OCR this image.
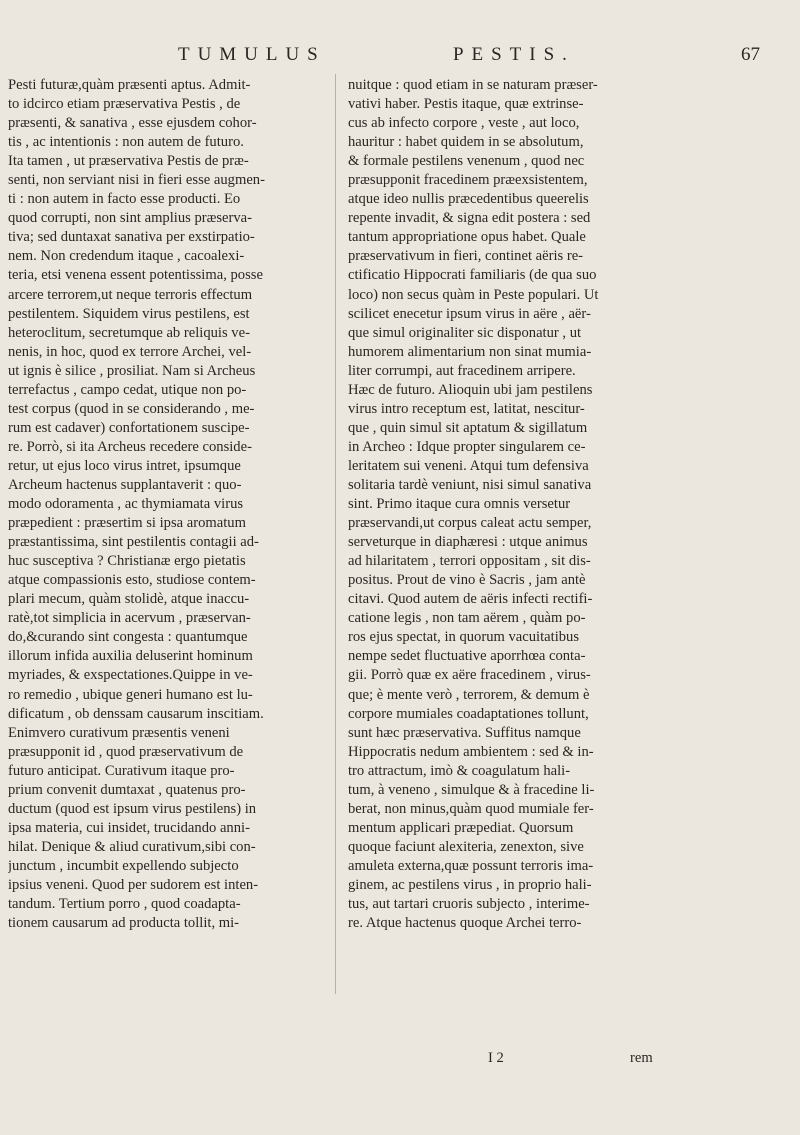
TUMULUS	PESTIS.	67
Pesti futuræ,quàm præsenti aptus. Admit-
to idcirco etiam præservativa Pestis , de
præsenti, & sanativa , esse ejusdem cohor-
tis , ac intentionis : non autem de futuro.
Ita tamen , ut præservativa Pestis de præ-
senti, non serviant nisi in fieri esse augmen-
ti : non autem in facto esse producti. Eo
quod corrupti, non sint amplius præserva-
tiva; sed duntaxat sanativa per exstirpatio-
nem. Non credendum itaque , cacoalexi-
teria, etsi venena essent potentissima, posse
arcere terrorem,ut neque terroris effectum
pestilentem. Siquidem virus pestilens, est
heteroclitum, secretumque ab reliquis ve-
nenis, in hoc, quod ex terrore Archei, vel-
ut ignis è silice , prosiliat. Nam si Archeus
terrefactus , campo cedat, utique non po-
test corpus (quod in se considerando , me-
rum est cadaver) confortationem suscipe-
re. Porrò, si ita Archeus recedere conside-
retur, ut ejus loco virus intret, ipsumque
Archeum hactenus supplantaverit : quo-
modo odoramenta , ac thymiamata virus
præpedient : præsertim si ipsa aromatum
præstantissima, sint pestilentis contagii ad-
huc susceptiva ? Christianæ ergo pietatis
atque compassionis esto, studiose contem-
plari mecum, quàm stolidè, atque inaccu-
ratè,tot simplicia in acervum , præservan-
do,&curando sint congesta : quantumque
illorum infida auxilia deluserint hominum
myriades, & exspectationes.Quippe in ve-
ro remedio , ubique generi humano est lu-
dificatum , ob denssam causarum inscitiam.
Enimvero curativum præsentis veneni
præsupponit id , quod præservativum de
futuro anticipat. Curativum itaque pro-
prium convenit dumtaxat , quatenus pro-
ductum (quod est ipsum virus pestilens) in
ipsa materia, cui insidet, trucidando anni-
hilat. Denique & aliud curativum,sibi con-
junctum , incumbit expellendo subjecto
ipsius veneni. Quod per sudorem est inten-
tandum. Tertium porro , quod coadapta-
tionem causarum ad producta tollit, mi-
nuitque : quod etiam in se naturam præser-
vativi haber. Pestis itaque, quæ extrinse-
cus ab infecto corpore , veste , aut loco,
hauritur : habet quidem in se absolutum,
& formale pestilens venenum , quod nec
præsupponit fracedinem præexsistentem,
atque ideo nullis præcedentibus queerelis
repente invadit, & signa edit postera : sed
tantum appropriatione opus habet. Quale
præservativum in fieri, continet aëris re-
ctificatio Hippocrati familiaris (de qua suo
loco) non secus quàm in Peste populari. Ut
scilicet enecetur ipsum virus in aëre , aër-
que simul originaliter sic disponatur , ut
humorem alimentarium non sinat mumia-
liter corrumpi, aut fracedinem arripere.
Hæc de futuro. Alioquin ubi jam pestilens
virus intro receptum est, latitat, nescitur-
que , quin simul sit aptatum & sigillatum
in Archeo : Idque propter singularem ce-
leritatem sui veneni. Atqui tum defensiva
solitaria tardè veniunt, nisi simul sanativa
sint. Primo itaque cura omnis versetur
præservandi,ut corpus caleat actu semper,
serveturque in diaphæresi : utque animus
ad hilaritatem , terrori oppositam , sit dis-
positus. Prout de vino è Sacris , jam antè
citavi. Quod autem de aëris infecti rectifi-
catione legis , non tam aërem , quàm po-
ros ejus spectat, in quorum vacuitatibus
nempe sedet fluctuative aporrhœa conta-
gii. Porrò quæ ex aëre fracedinem , virus-
que; è mente verò , terrorem, & demum è
corpore mumiales coadaptationes tollunt,
sunt hæc præservativa. Suffitus namque
Hippocratis nedum ambientem : sed & in-
tro attractum, imò & coagulatum hali-
tum, à veneno , simulque & à fracedine li-
berat, non minus,quàm quod mumiale fer-
mentum applicari præpediat. Quorsum
quoque faciunt alexiteria, zenexton, sive
amuleta externa,quæ possunt terroris ima-
ginem, ac pestilens virus , in proprio hali-
tus, aut tartari cruoris subjecto , interime-
re. Atque hactenus quoque Archei terro-
I 2	rem
